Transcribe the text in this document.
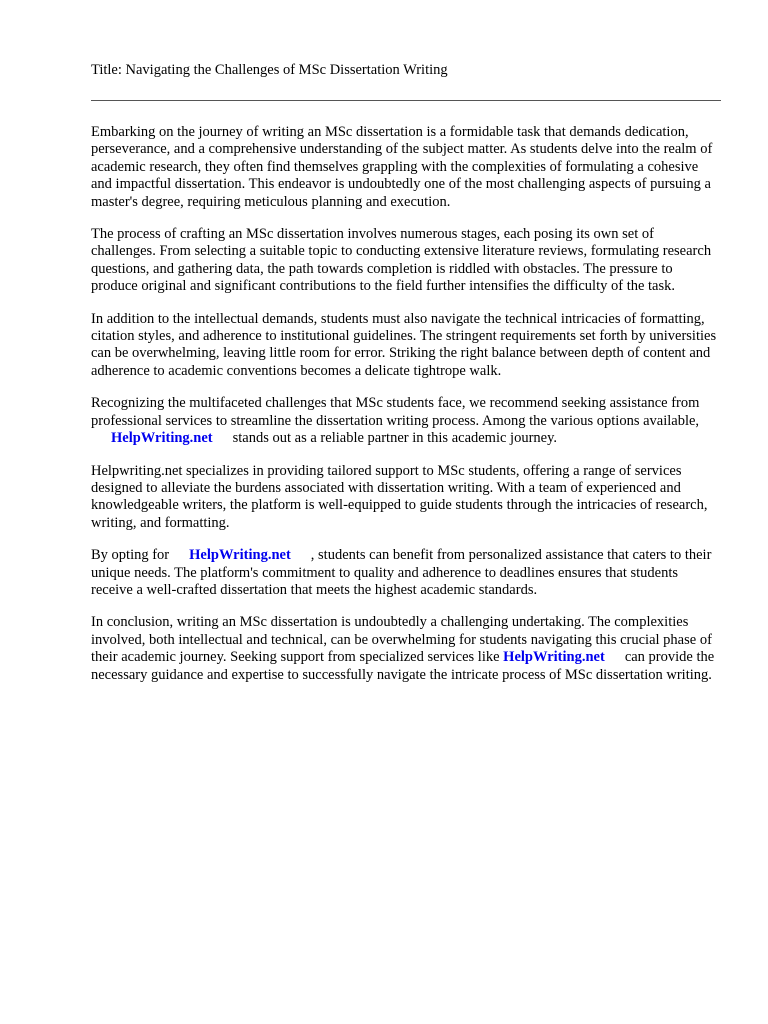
Title: Navigating the Challenges of MSc Dissertation Writing

Embarking on the journey of writing an MSc dissertation is a formidable task that demands dedication, perseverance, and a comprehensive understanding of the subject matter. As students delve into the realm of academic research, they often find themselves grappling with the complexities of formulating a cohesive and impactful dissertation. This endeavor is undoubtedly one of the most challenging aspects of pursuing a master's degree, requiring meticulous planning and execution.

The process of crafting an MSc dissertation involves numerous stages, each posing its own set of challenges. From selecting a suitable topic to conducting extensive literature reviews, formulating research questions, and gathering data, the path towards completion is riddled with obstacles. The pressure to produce original and significant contributions to the field further intensifies the difficulty of the task.

In addition to the intellectual demands, students must also navigate the technical intricacies of formatting, citation styles, and adherence to institutional guidelines. The stringent requirements set forth by universities can be overwhelming, leaving little room for error. Striking the right balance between depth of content and adherence to academic conventions becomes a delicate tightrope walk.

Recognizing the multifaceted challenges that MSc students face, we recommend seeking assistance from professional services to streamline the dissertation writing process. Among the various options available,HelpWriting.net stands out as a reliable partner in this academic journey.

Helpwriting.net specializes in providing tailored support to MSc students, offering a range of services designed to alleviate the burdens associated with dissertation writing. With a team of experienced and knowledgeable writers, the platform is well-equipped to guide students through the intricacies of research, writing, and formatting.

By opting for HelpWriting.net , students can benefit from personalized assistance that caters to their unique needs. The platform's commitment to quality and adherence to deadlines ensures that students receive a well-crafted dissertation that meets the highest academic standards.

In conclusion, writing an MSc dissertation is undoubtedly a challenging undertaking. The complexities involved, both intellectual and technical, can be overwhelming for students navigating this crucial phase of their academic journey. Seeking support from specialized services like HelpWriting.net can provide the necessary guidance and expertise to successfully navigate the intricate process of MSc dissertation writing.
